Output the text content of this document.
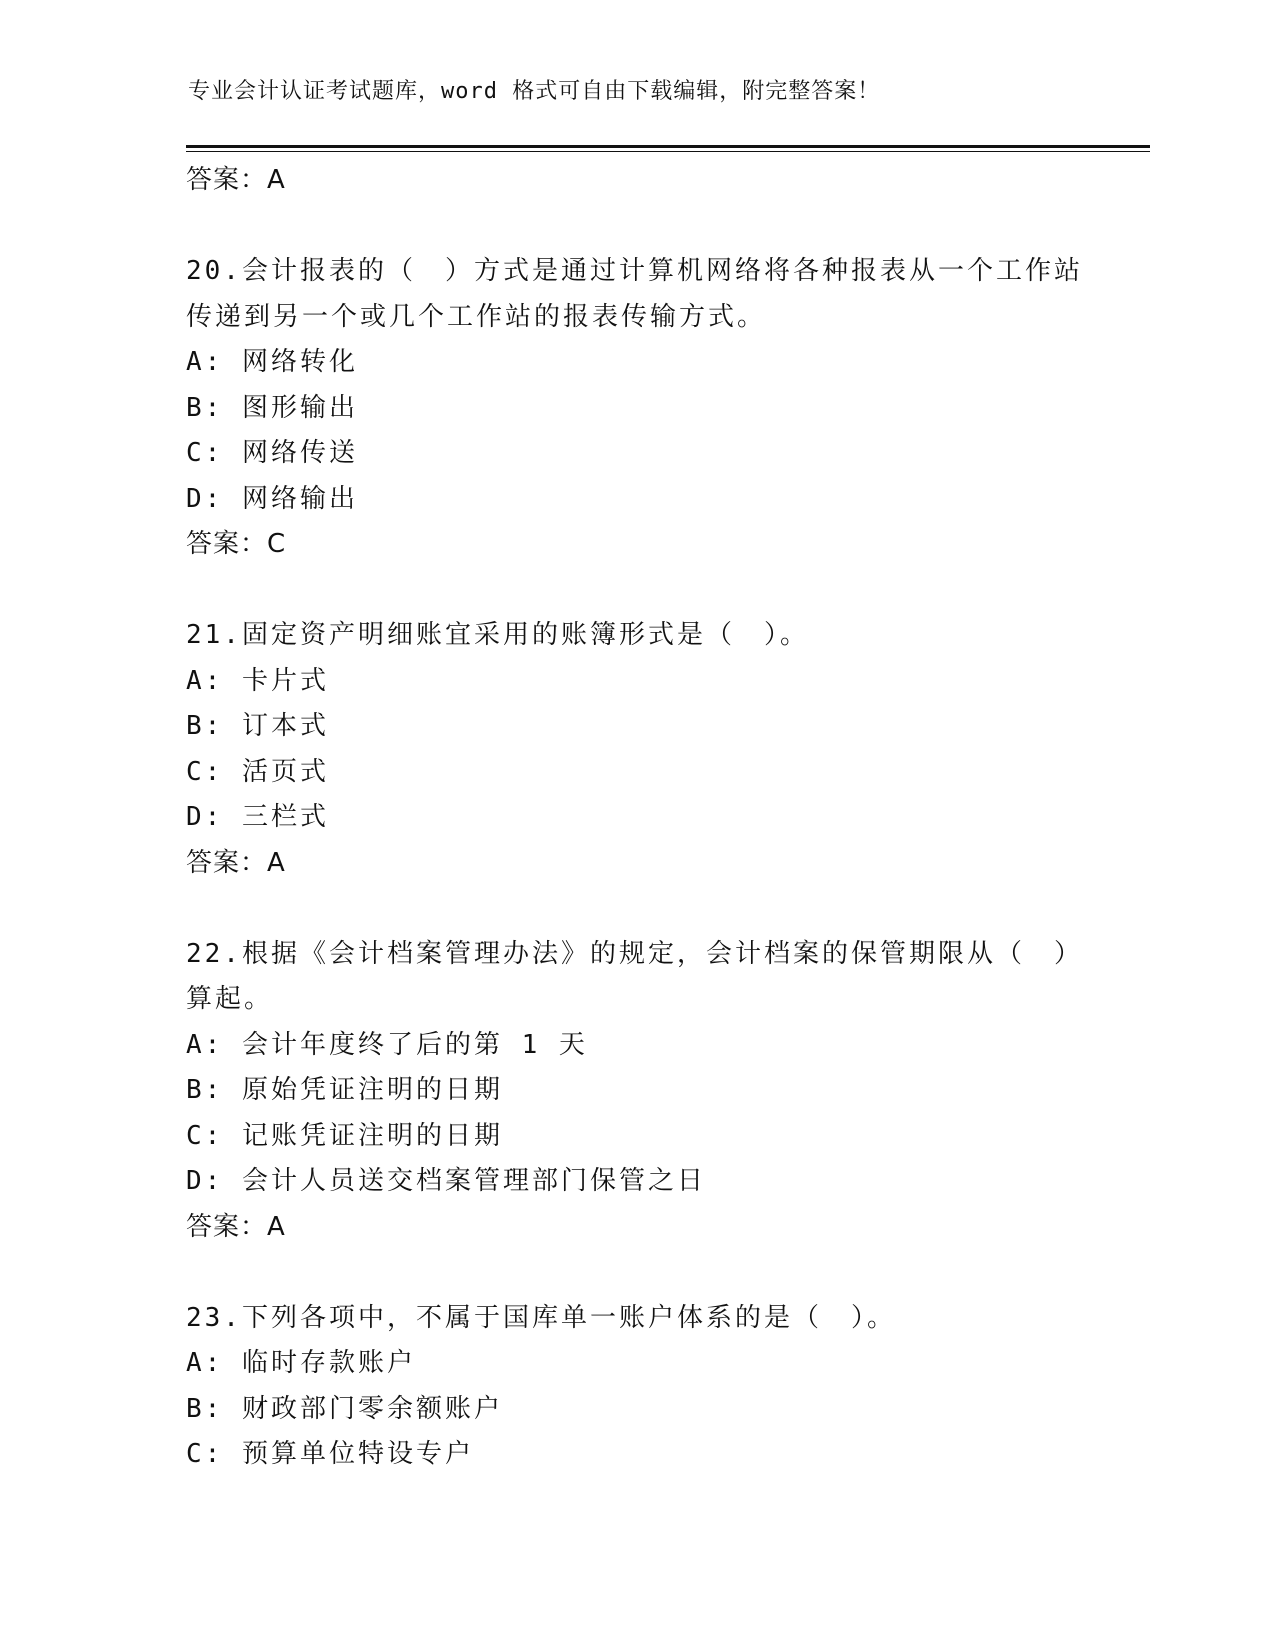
专业会计认证考试题库，word 格式可自由下载编辑，附完整答案！
答案：A
20.会计报表的（　）方式是通过计算机网络将各种报表从一个工作站
传递到另一个或几个工作站的报表传输方式。
A: 网络转化
B: 图形输出
C: 网络传送
D: 网络输出
答案：C
21.固定资产明细账宜采用的账簿形式是（　）。
A: 卡片式
B: 订本式
C: 活页式
D: 三栏式
答案：A
22.根据《会计档案管理办法》的规定，会计档案的保管期限从（　）
算起。
A: 会计年度终了后的第 1 天
B: 原始凭证注明的日期
C: 记账凭证注明的日期
D: 会计人员送交档案管理部门保管之日
答案：A
23.下列各项中，不属于国库单一账户体系的是（　）。
A: 临时存款账户
B: 财政部门零余额账户
C: 预算单位特设专户
